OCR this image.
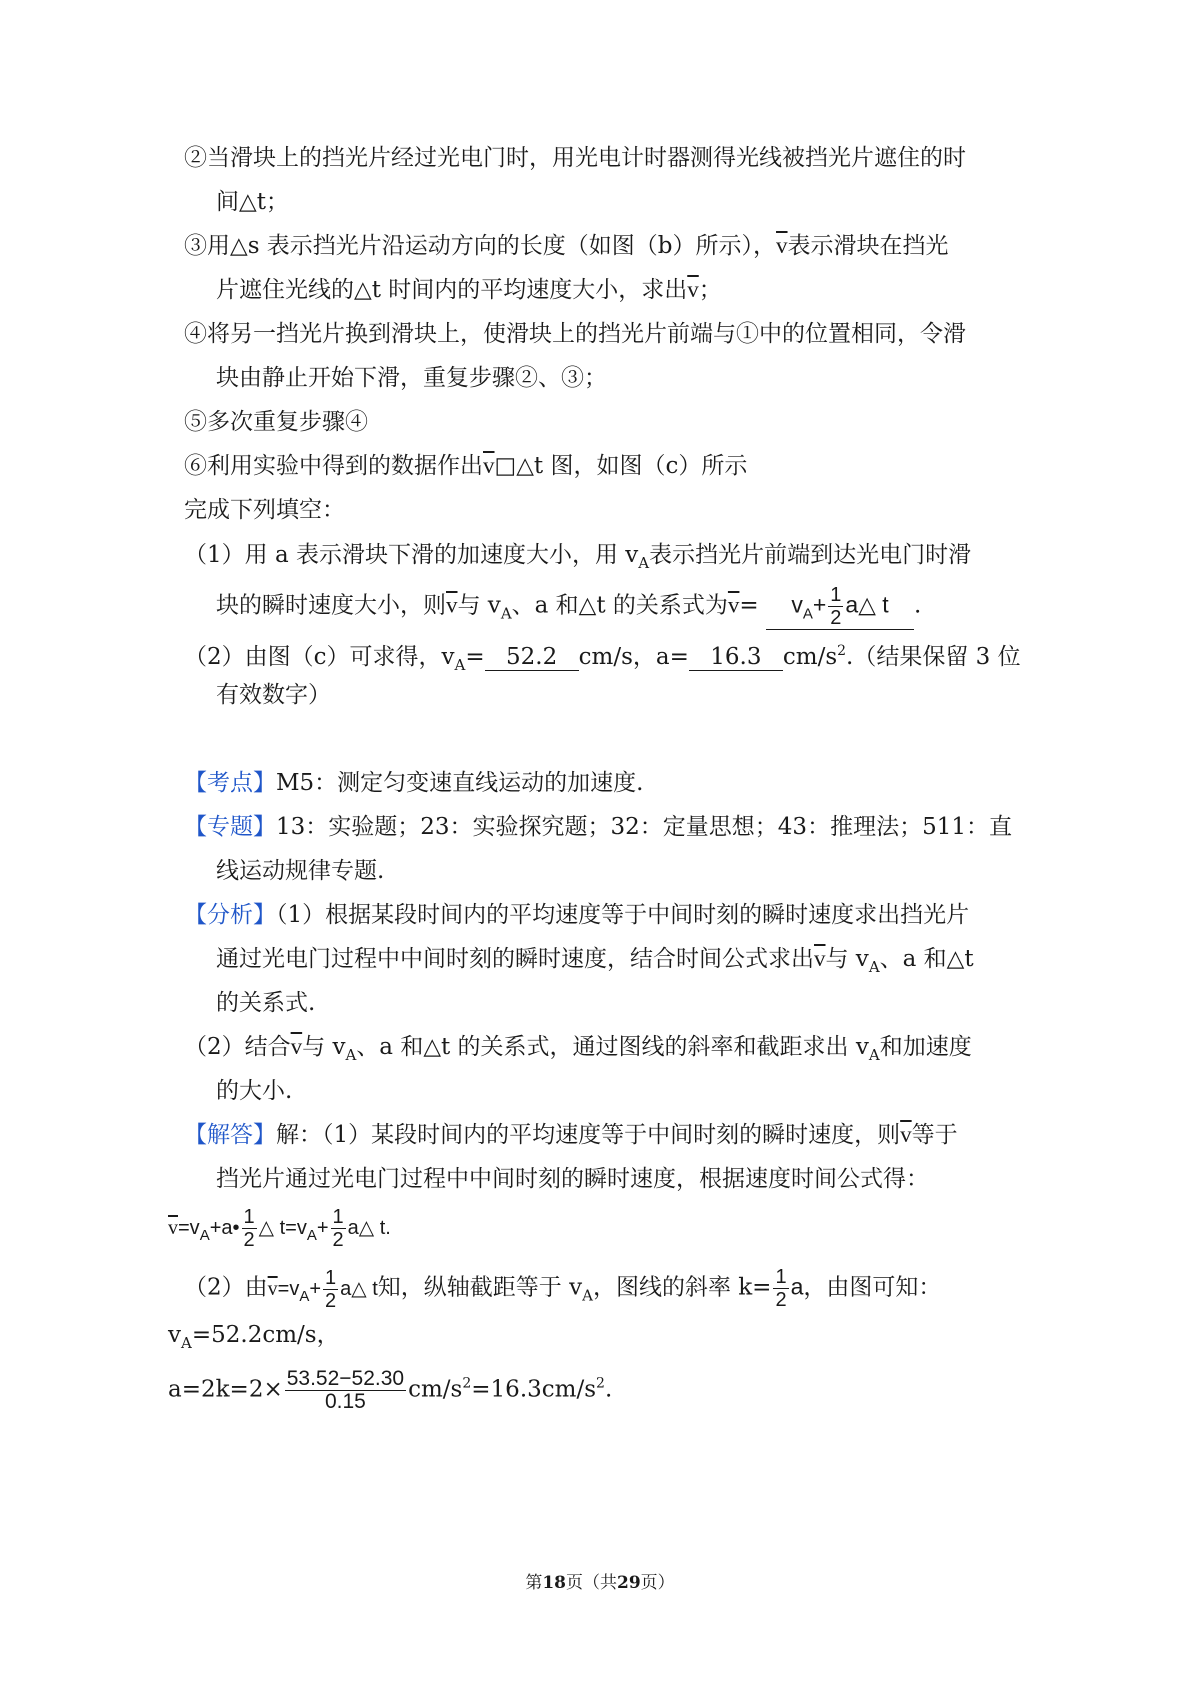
②当滑块上的挡光片经过光电门时，用光电计时器测得光线被挡光片遮住的时
间△t；
③用△s 表示挡光片沿运动方向的长度（如图（b）所示），$\overline{v}$表示滑块在挡光
片遮住光线的△t 时间内的平均速度大小，求出$\overline{v}$；
④将另一挡光片换到滑块上，使滑块上的挡光片前端与①中的位置相同，令滑
块由静止开始下滑，重复步骤②、③；
⑤多次重复步骤④
⑥利用实验中得到的数据作出$\overline{v}□\triangle t$ 图，如图（c）所示
完成下列填空：
（1）用 a 表示滑块下滑的加速度大小，用 $v_A$表示挡光片前端到达光电门时滑
块的瞬时速度大小，则$\overline{v}$与 $v_A$、a 和△t 的关系式为$\overline{v}= v_A+ \frac{1}{2}$ a△ t .
（2）由图（c）可求得，$v_A= 52.2$ cm/s，a= 16.3 $cm/s^2$.（结果保留 3 位
有效数字）
【考点】M5：测定匀变速直线运动的加速度.
【专题】13：实验题；23：实验探究题；32：定量思想；43：推理法；511：直
线运动规律专题.
【分析】（1）根据某段时间内的平均速度等于中间时刻的瞬时速度求出挡光片
通过光电门过程中中间时刻的瞬时速度，结合时间公式求出$\overline{v}$与 $v_A$、a 和△t
的关系式.
（2）结合$\overline{v}$与 $v_A$、a 和△t 的关系式，通过图线的斜率和截距求出 $v_A$和加速度
的大小.
【解答】解：（1）某段时间内的平均速度等于中间时刻的瞬时速度，则$\overline{v}$等于
挡光片通过光电门过程中中间时刻的瞬时速度，根据速度时间公式得：
$\overline{v}=v_A+a• \frac{1}{2}$ △ $t=v_A+ \frac{1}{2}$ a△ t.
（2）由$\overline{v}=v_A+ \frac{1}{2}$ a△ t知，纵轴截距等于 $v_A$，图线的斜率 $k= \frac{1}{2}$ a，由图可知：
$v_A=52.2cm/s$，
$a=2k=2\times \frac{53.52-52.30}{0.15} cm/s^2=16.3cm/s^2$.
第18页（共29页）
